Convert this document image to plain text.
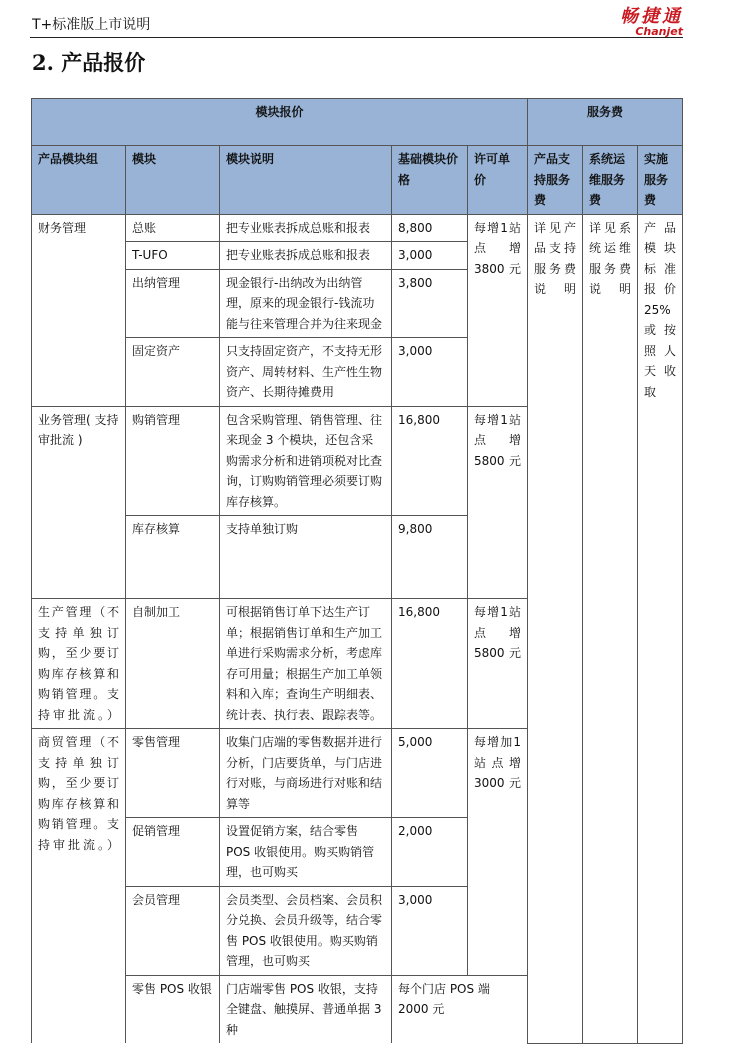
T+标准版上市说明	畅捷通
Chanjet
2. 产品报价
模块报价					服务费		
产品模块组	模块	模块说明	基础模块价格	许可单价	产品支持服务费	系统运维服务费	实施服务费
财务管理	总账	把专业账表拆成总账和报表	8,800	每增1站点增3800元	详见产品支持服务费说明	详见系统运维服务费说明	产品模块标准报价25%或按照人天收取
	T-UFO	把专业账表拆成总账和报表	3,000				
	出纳管理	现金银行-出纳改为出纳管理，原来的现金银行-钱流功能与往来管理合并为往来现金	3,800				
	固定资产	只支持固定资产，不支持无形资产、周转材料、生产性生物资产、长期待摊费用	3,000				
业务管理( 支持审批流 )	购销管理	包含采购管理、销售管理、往来现金 3 个模块，还包含采购需求分析和进销项税对比查询，订购购销管理必须要订购库存核算。	16,800	每增1站点增5800元			
	库存核算	支持单独订购	9,800				
生产管理（不支持单独订购，至少要订购库存核算和购销管理。支持审批流。）	自制加工	可根据销售订单下达生产订单；根据销售订单和生产加工单进行采购需求分析，考虑库存可用量；根据生产加工单领料和入库；查询生产明细表、统计表、执行表、跟踪表等。	16,800	每增1站点增5800元			
商贸管理（不支持单独订购，至少要订购库存核算和购销管理。支持审批流。）	零售管理	收集门店端的零售数据并进行分析，门店要货单，与门店进行对账，与商场进行对账和结算等	5,000	每增加1站点增3000元			
	促销管理	设置促销方案，结合零售 POS 收银使用。购买购销管理，也可购买	2,000				
	会员管理	会员类型、会员档案、会员积分兑换、会员升级等，结合零售 POS 收银使用。购买购销管理，也可购买	3,000				
	零售 POS 收银	门店端零售 POS 收银，支持全键盘、触摸屏、普通单据 3 种	每个门店 POS 端 2000 元				
